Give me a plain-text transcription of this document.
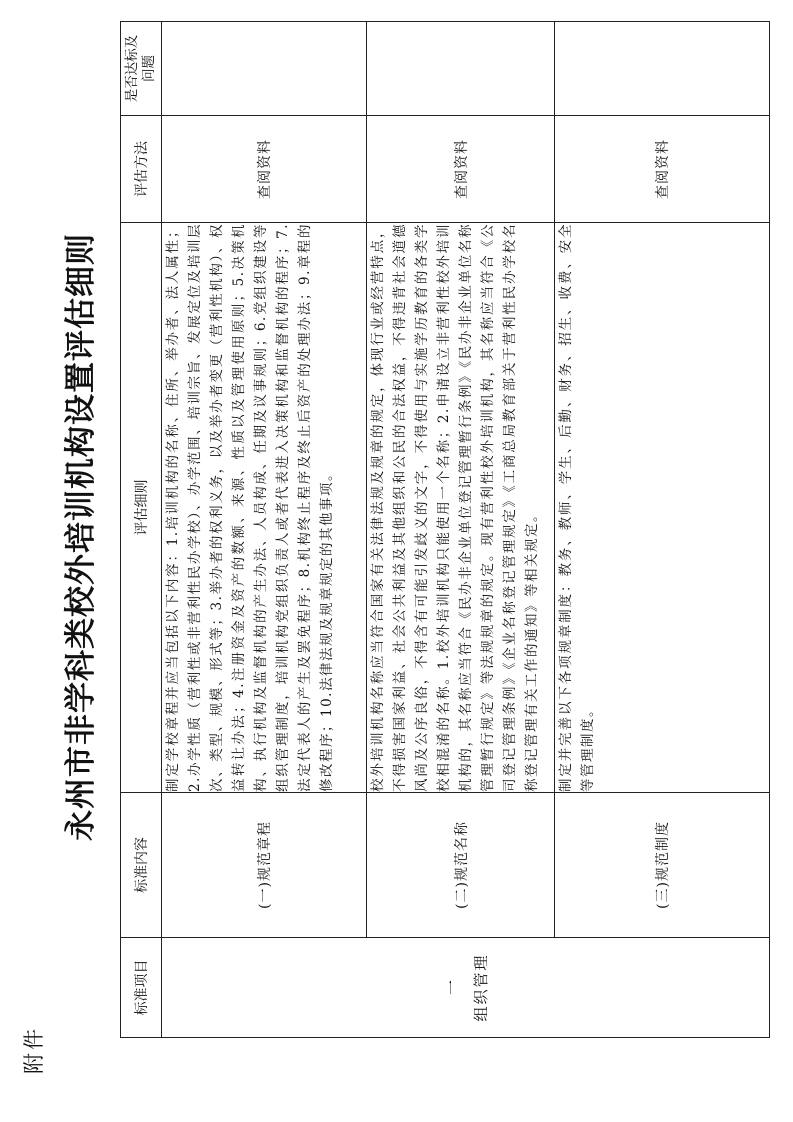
附件
永州市非学科类校外培训机构设置评估细则
标准项目	标准内容	评估细则	评估方法	是否达标及
问题

一 组织管理	(一)规范章程	制定学校章程并应当包括以下内容：1.培训机构的名称、住所、举办者、法人属性；2.办学性质（营利性或非营利性民办学校）、办学范围、培训宗旨、发展定位及培训层次、类型、规模、形式等；3.举办者的权利义务，以及举办者变更（营利性机构）、权益转让办法；4.注册资金及资产的数额、来源、性质以及管理使用原则；5.决策机构、执行机构及监督机构的产生办法、人员构成、任期及议事规则；6.党组织建设等组织管理制度，培训机构党组织负责人或者代表进入决策机构和监督机构的程序；7.法定代表人的产生及罢免程序；8.机构终止程序及终止后资产的处理办法；9.章程的修改程序；10.法律法规及规章规定的其他事项。	查阅资料	
	(二)规范名称	校外培训机构名称应当符合国家有关法律法规及规章的规定，体现行业或经营特点，不得损害国家利益、社会公共利益及其他组织和公民的合法权益，不得违背社会道德风尚及公序良俗，不得含有可能引发歧义的文字，不得使用与实施学历教育的各类学校相混淆的名称。1.校外培训机构只能使用一个名称；2.申请设立非营利性校外培训机构的，其名称应当符合《民办非企业单位登记管理暂行条例》《民办非企业单位名称管理暂行规定》等法规规章的规定。现有营利性校外培训机构，其名称应当符合《公司登记管理条例》《企业名称登记管理规定》《工商总局教育部关于营利性民办学校名称登记管理有关工作的通知》等相关规定。	查阅资料	
	(三)规范制度	制定并完善以下各项规章制度：教务、教师、学生、后勤、财务、招生、收费、安全等管理制度。	查阅资料	
